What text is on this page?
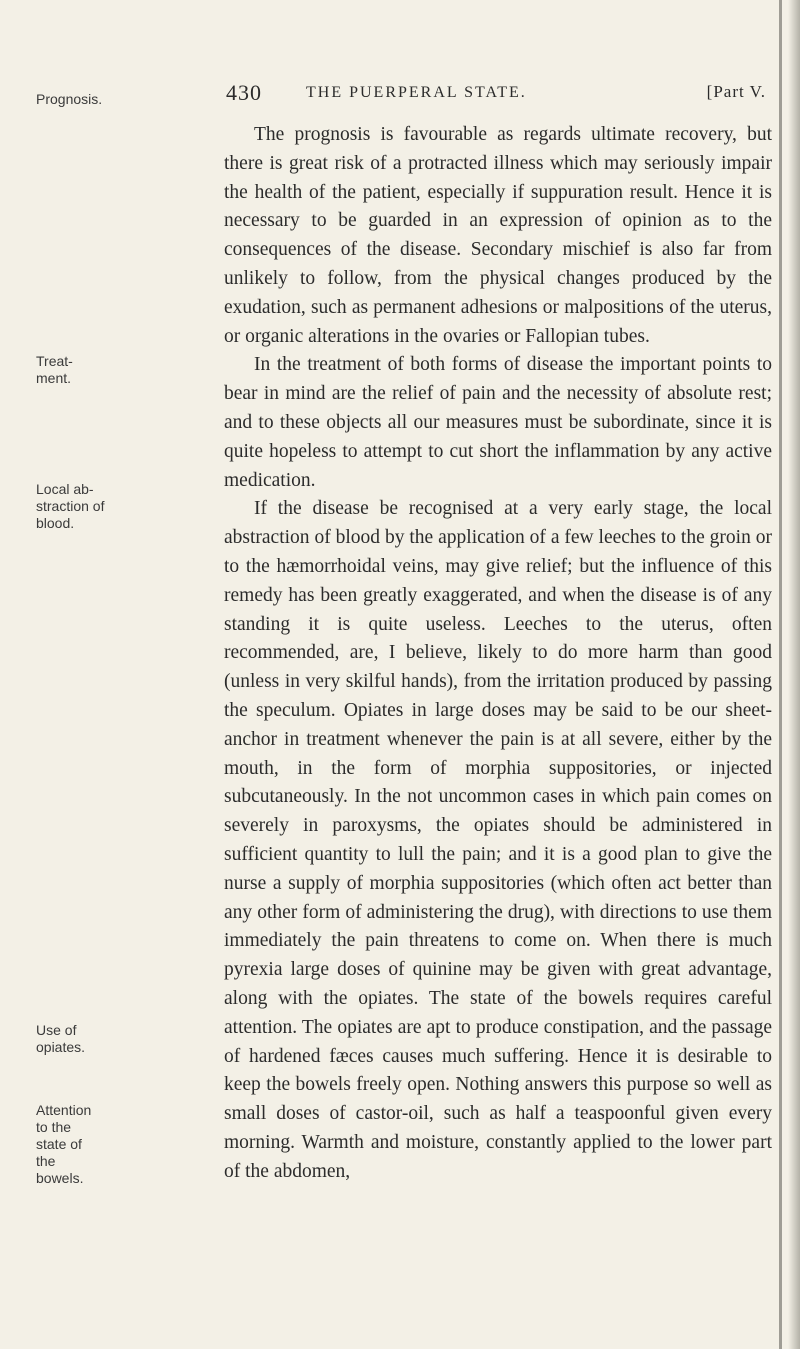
430	THE PUERPERAL STATE.	[Part V.
Prognosis.
Treat-ment.
Local ab-straction of blood.
Use of opiates.
Attention to the state of the bowels.

The prognosis is favourable as regards ultimate recovery, but there is great risk of a protracted illness which may seriously impair the health of the patient, especially if suppuration result. Hence it is necessary to be guarded in an expression of opinion as to the consequences of the disease. Secondary mischief is also far from unlikely to follow, from the physical changes produced by the exudation, such as permanent adhesions or malpositions of the uterus, or organic alterations in the ovaries or Fallopian tubes.

In the treatment of both forms of disease the important points to bear in mind are the relief of pain and the necessity of absolute rest; and to these objects all our measures must be subordinate, since it is quite hopeless to attempt to cut short the inflammation by any active medication.

If the disease be recognised at a very early stage, the local abstraction of blood by the application of a few leeches to the groin or to the hæmorrhoidal veins, may give relief; but the influence of this remedy has been greatly exaggerated, and when the disease is of any standing it is quite useless. Leeches to the uterus, often recommended, are, I believe, likely to do more harm than good (unless in very skilful hands), from the irritation produced by passing the speculum. Opiates in large doses may be said to be our sheet-anchor in treatment whenever the pain is at all severe, either by the mouth, in the form of morphia suppositories, or injected subcutaneously. In the not uncommon cases in which pain comes on severely in paroxysms, the opiates should be administered in sufficient quantity to lull the pain; and it is a good plan to give the nurse a supply of morphia suppositories (which often act better than any other form of administering the drug), with directions to use them immediately the pain threatens to come on. When there is much pyrexia large doses of quinine may be given with great advantage, along with the opiates. The state of the bowels requires careful attention. The opiates are apt to produce constipation, and the passage of hardened fæces causes much suffering. Hence it is desirable to keep the bowels freely open. Nothing answers this purpose so well as small doses of castor-oil, such as half a teaspoonful given every morning. Warmth and moisture, constantly applied to the lower part of the abdomen,
